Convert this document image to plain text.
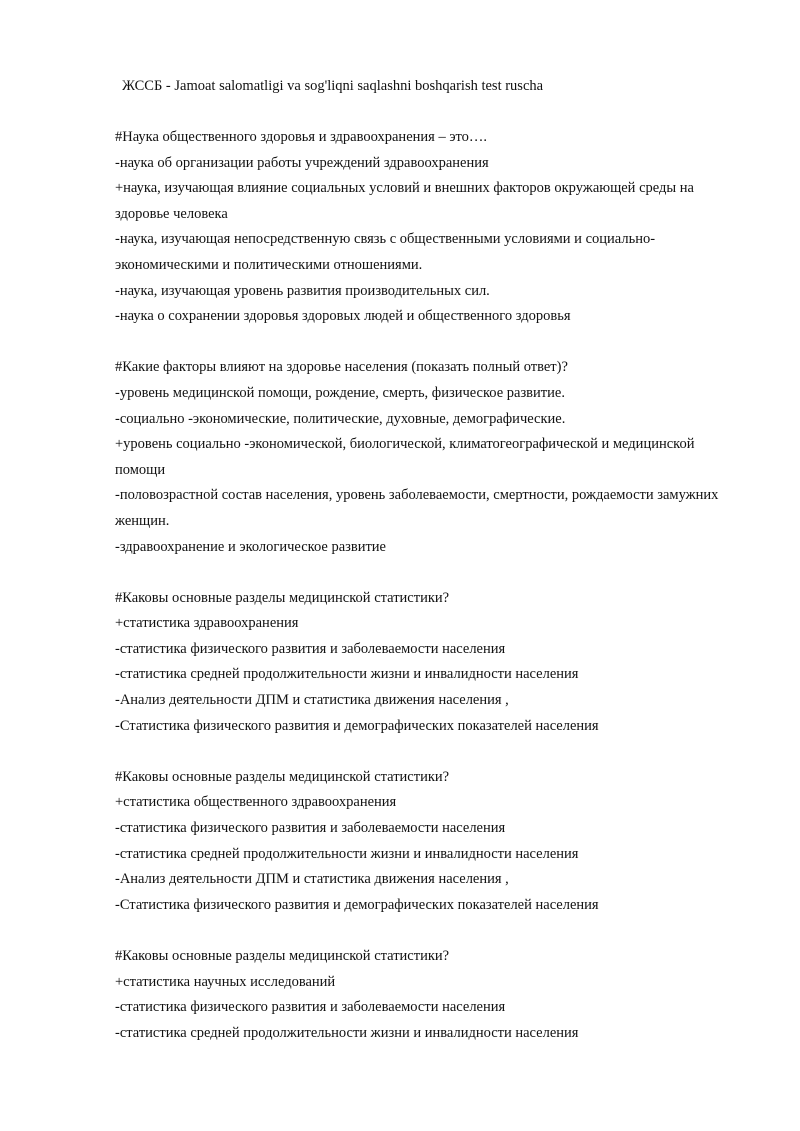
ЖССБ - Jamoat salomatligi va sog'liqni saqlashni boshqarish test ruscha
#Наука общественного здоровья и здравоохранения – это….
-наука об организации работы учреждений здравоохранения
+наука, изучающая влияние социальных условий и внешних факторов окружающей среды на здоровье человека
-наука, изучающая непосредственную связь с общественными условиями и социально-экономическими и политическими отношениями.
-наука, изучающая уровень развития производительных сил.
-наука о сохранении здоровья здоровых людей и общественного здоровья
#Какие факторы влияют на здоровье населения (показать полный ответ)?
-уровень медицинской помощи, рождение, смерть, физическое развитие.
-социально -экономические, политические, духовные, демографические.
+уровень социально -экономической, биологической, климатогеографической и медицинской помощи
-половозрастной состав населения, уровень заболеваемости, смертности, рождаемости замужних женщин.
-здравоохранение и экологическое развитие
#Каковы основные разделы медицинской статистики?
+статистика здравоохранения
-статистика физического развития и заболеваемости населения
-статистика средней продолжительности жизни и инвалидности населения
-Анализ деятельности ДПМ и статистика движения населения ,
-Статистика физического развития и демографических показателей населения
#Каковы основные разделы медицинской статистики?
+статистика общественного здравоохранения
-статистика физического развития и заболеваемости населения
-статистика средней продолжительности жизни и инвалидности населения
-Анализ деятельности ДПМ и статистика движения населения ,
-Статистика физического развития и демографических показателей населения
#Каковы основные разделы медицинской статистики?
+статистика научных исследований
-статистика физического развития и заболеваемости населения
-статистика средней продолжительности жизни и инвалидности населения
